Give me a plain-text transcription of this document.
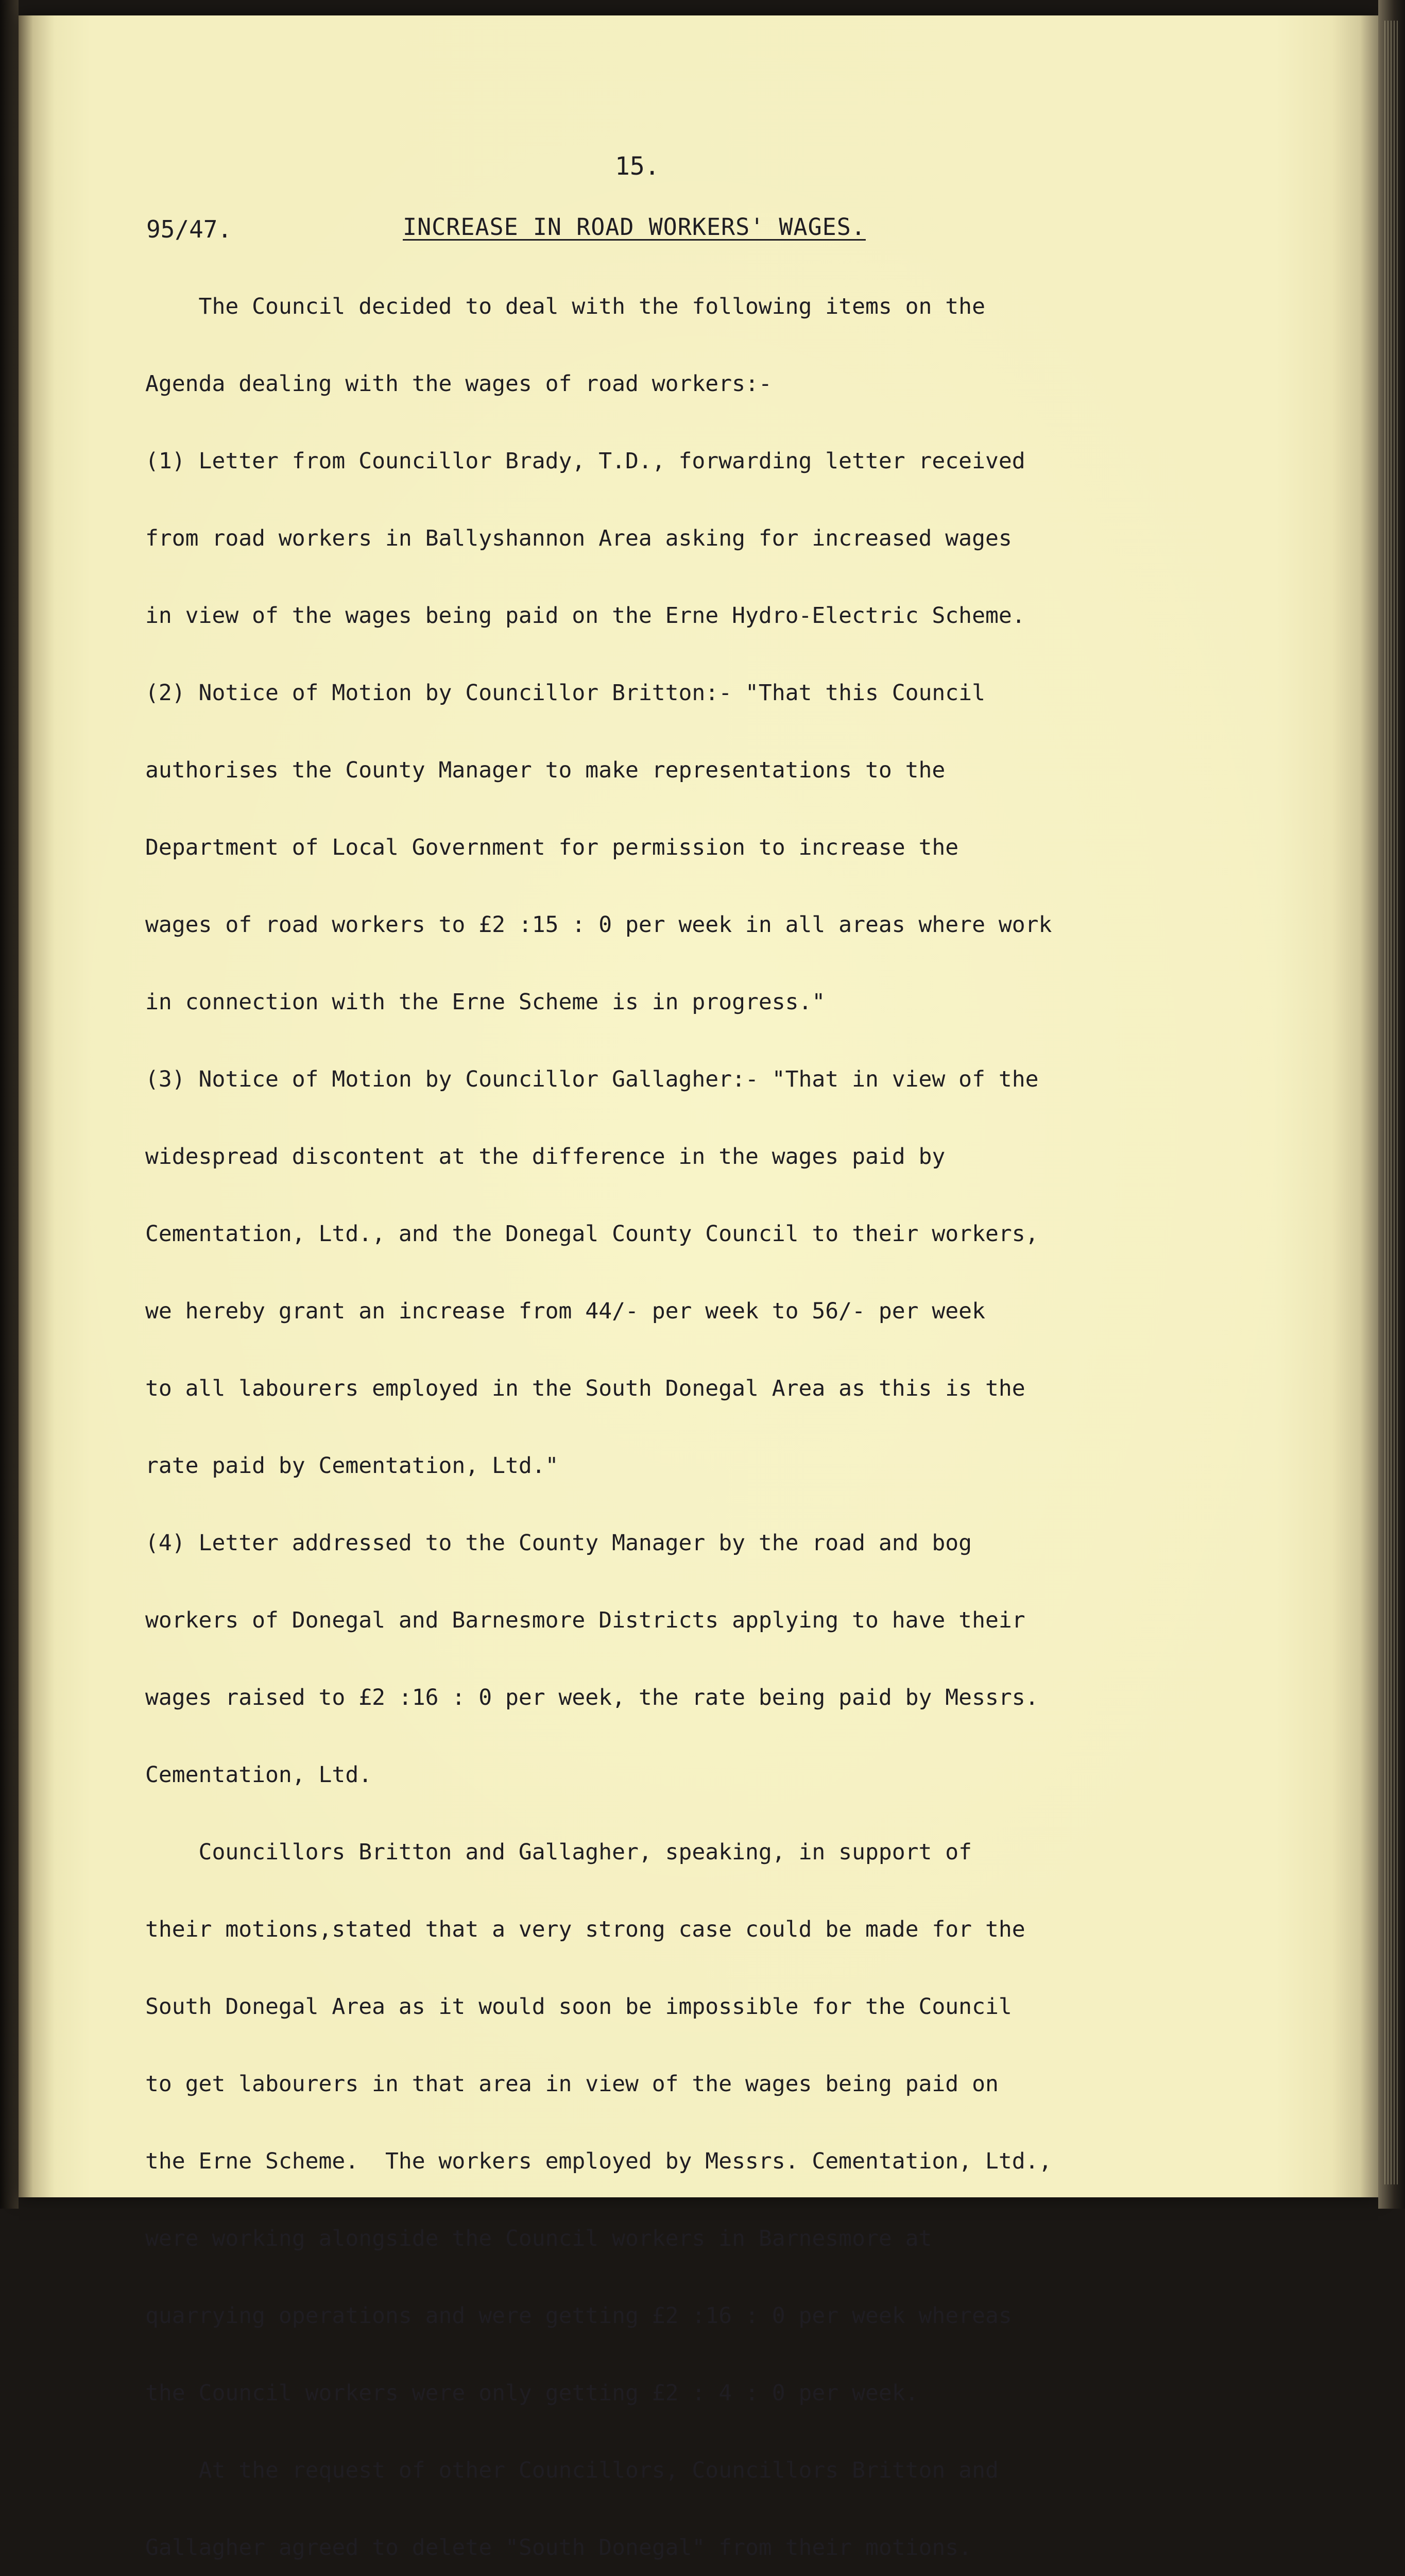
15.
95/47.	INCREASE IN ROAD WORKERS' WAGES.

The Council decided to deal with the following items on the

Agenda dealing with the wages of road workers:-

(1) Letter from Councillor Brady, T.D., forwarding letter received

from road workers in Ballyshannon Area asking for increased wages

in view of the wages being paid on the Erne Hydro-Electric Scheme.

(2) Notice of Motion by Councillor Britton:- "That this Council

authorises the County Manager to make representations to the

Department of Local Government for permission to increase the

wages of road workers to £2 :15 : 0 per week in all areas where work

in connection with the Erne Scheme is in progress."

(3) Notice of Motion by Councillor Gallagher:- "That in view of the

widespread discontent at the difference in the wages paid by

Cementation, Ltd., and the Donegal County Council to their workers,

we hereby grant an increase from 44/- per week to 56/- per week

to all labourers employed in the South Donegal Area as this is the

rate paid by Cementation, Ltd."

(4) Letter addressed to the County Manager by the road and bog

workers of Donegal and Barnesmore Districts applying to have their

wages raised to £2 :16 : 0 per week, the rate being paid by Messrs.

Cementation, Ltd.

Councillors Britton and Gallagher, speaking, in support of

their motions,stated that a very strong case could be made for the

South Donegal Area as it would soon be impossible for the Council

to get labourers in that area in view of the wages being paid on

the Erne Scheme.  The workers employed by Messrs. Cementation, Ltd.,

were working alongside the Council workers in Barnesmore at

quarrying operations and were getting £2 :16 : 0 per week whereas

the Council workers were only getting £2 : 4 : 0 per week.

At the request of other Councillors, Councillors Britton and

Gallagher agreed to delete "South Donegal" from their motions.
